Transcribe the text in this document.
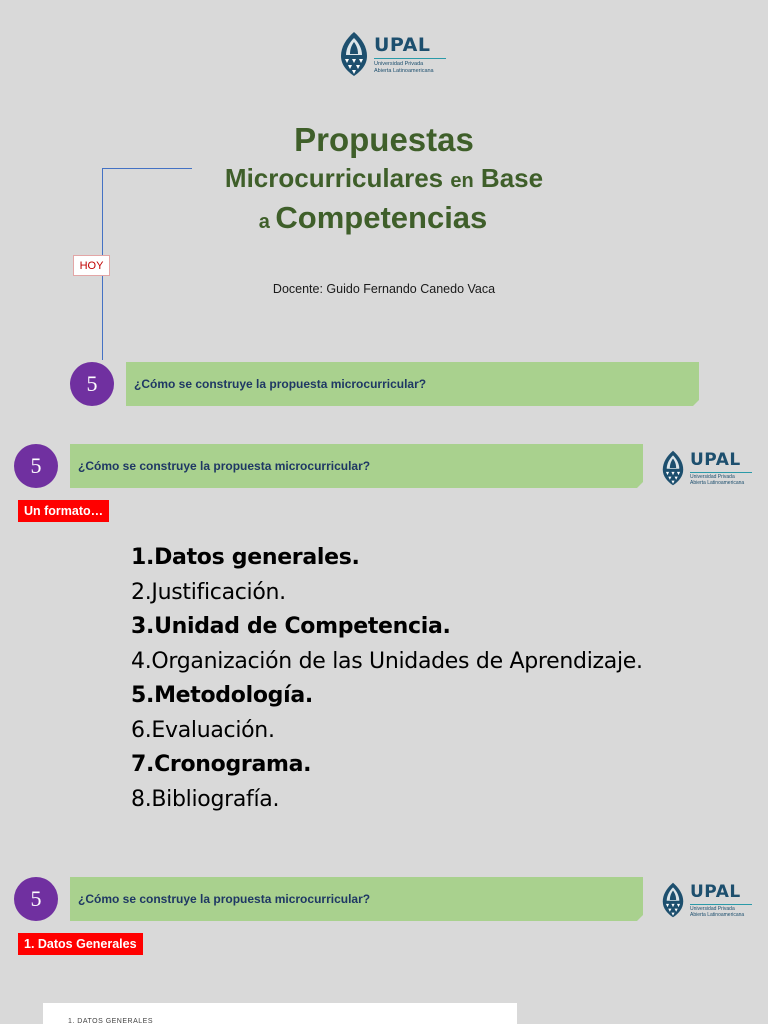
UPAL
Universidad Privada
Abierta Latinoamericana
Propuestas
Microcurriculares en Base
a Competencias
HOY
Docente: Guido Fernando Canedo Vaca
¿Cómo se construye la propuesta microcurricular?
5
¿Cómo se construye la propuesta microcurricular?
5	UPAL
Universidad Privada
Abierta Latinoamericana
Un formato…
1.Datos generales.
2.Justificación.
3.Unidad de Competencia.
4.Organización de las Unidades de Aprendizaje.
5.Metodología.
6.Evaluación.
7.Cronograma.
8.Bibliografía.
¿Cómo se construye la propuesta microcurricular?
5	UPAL
Universidad Privada
Abierta Latinoamericana
1. Datos Generales
1. DATOS GENERALES
